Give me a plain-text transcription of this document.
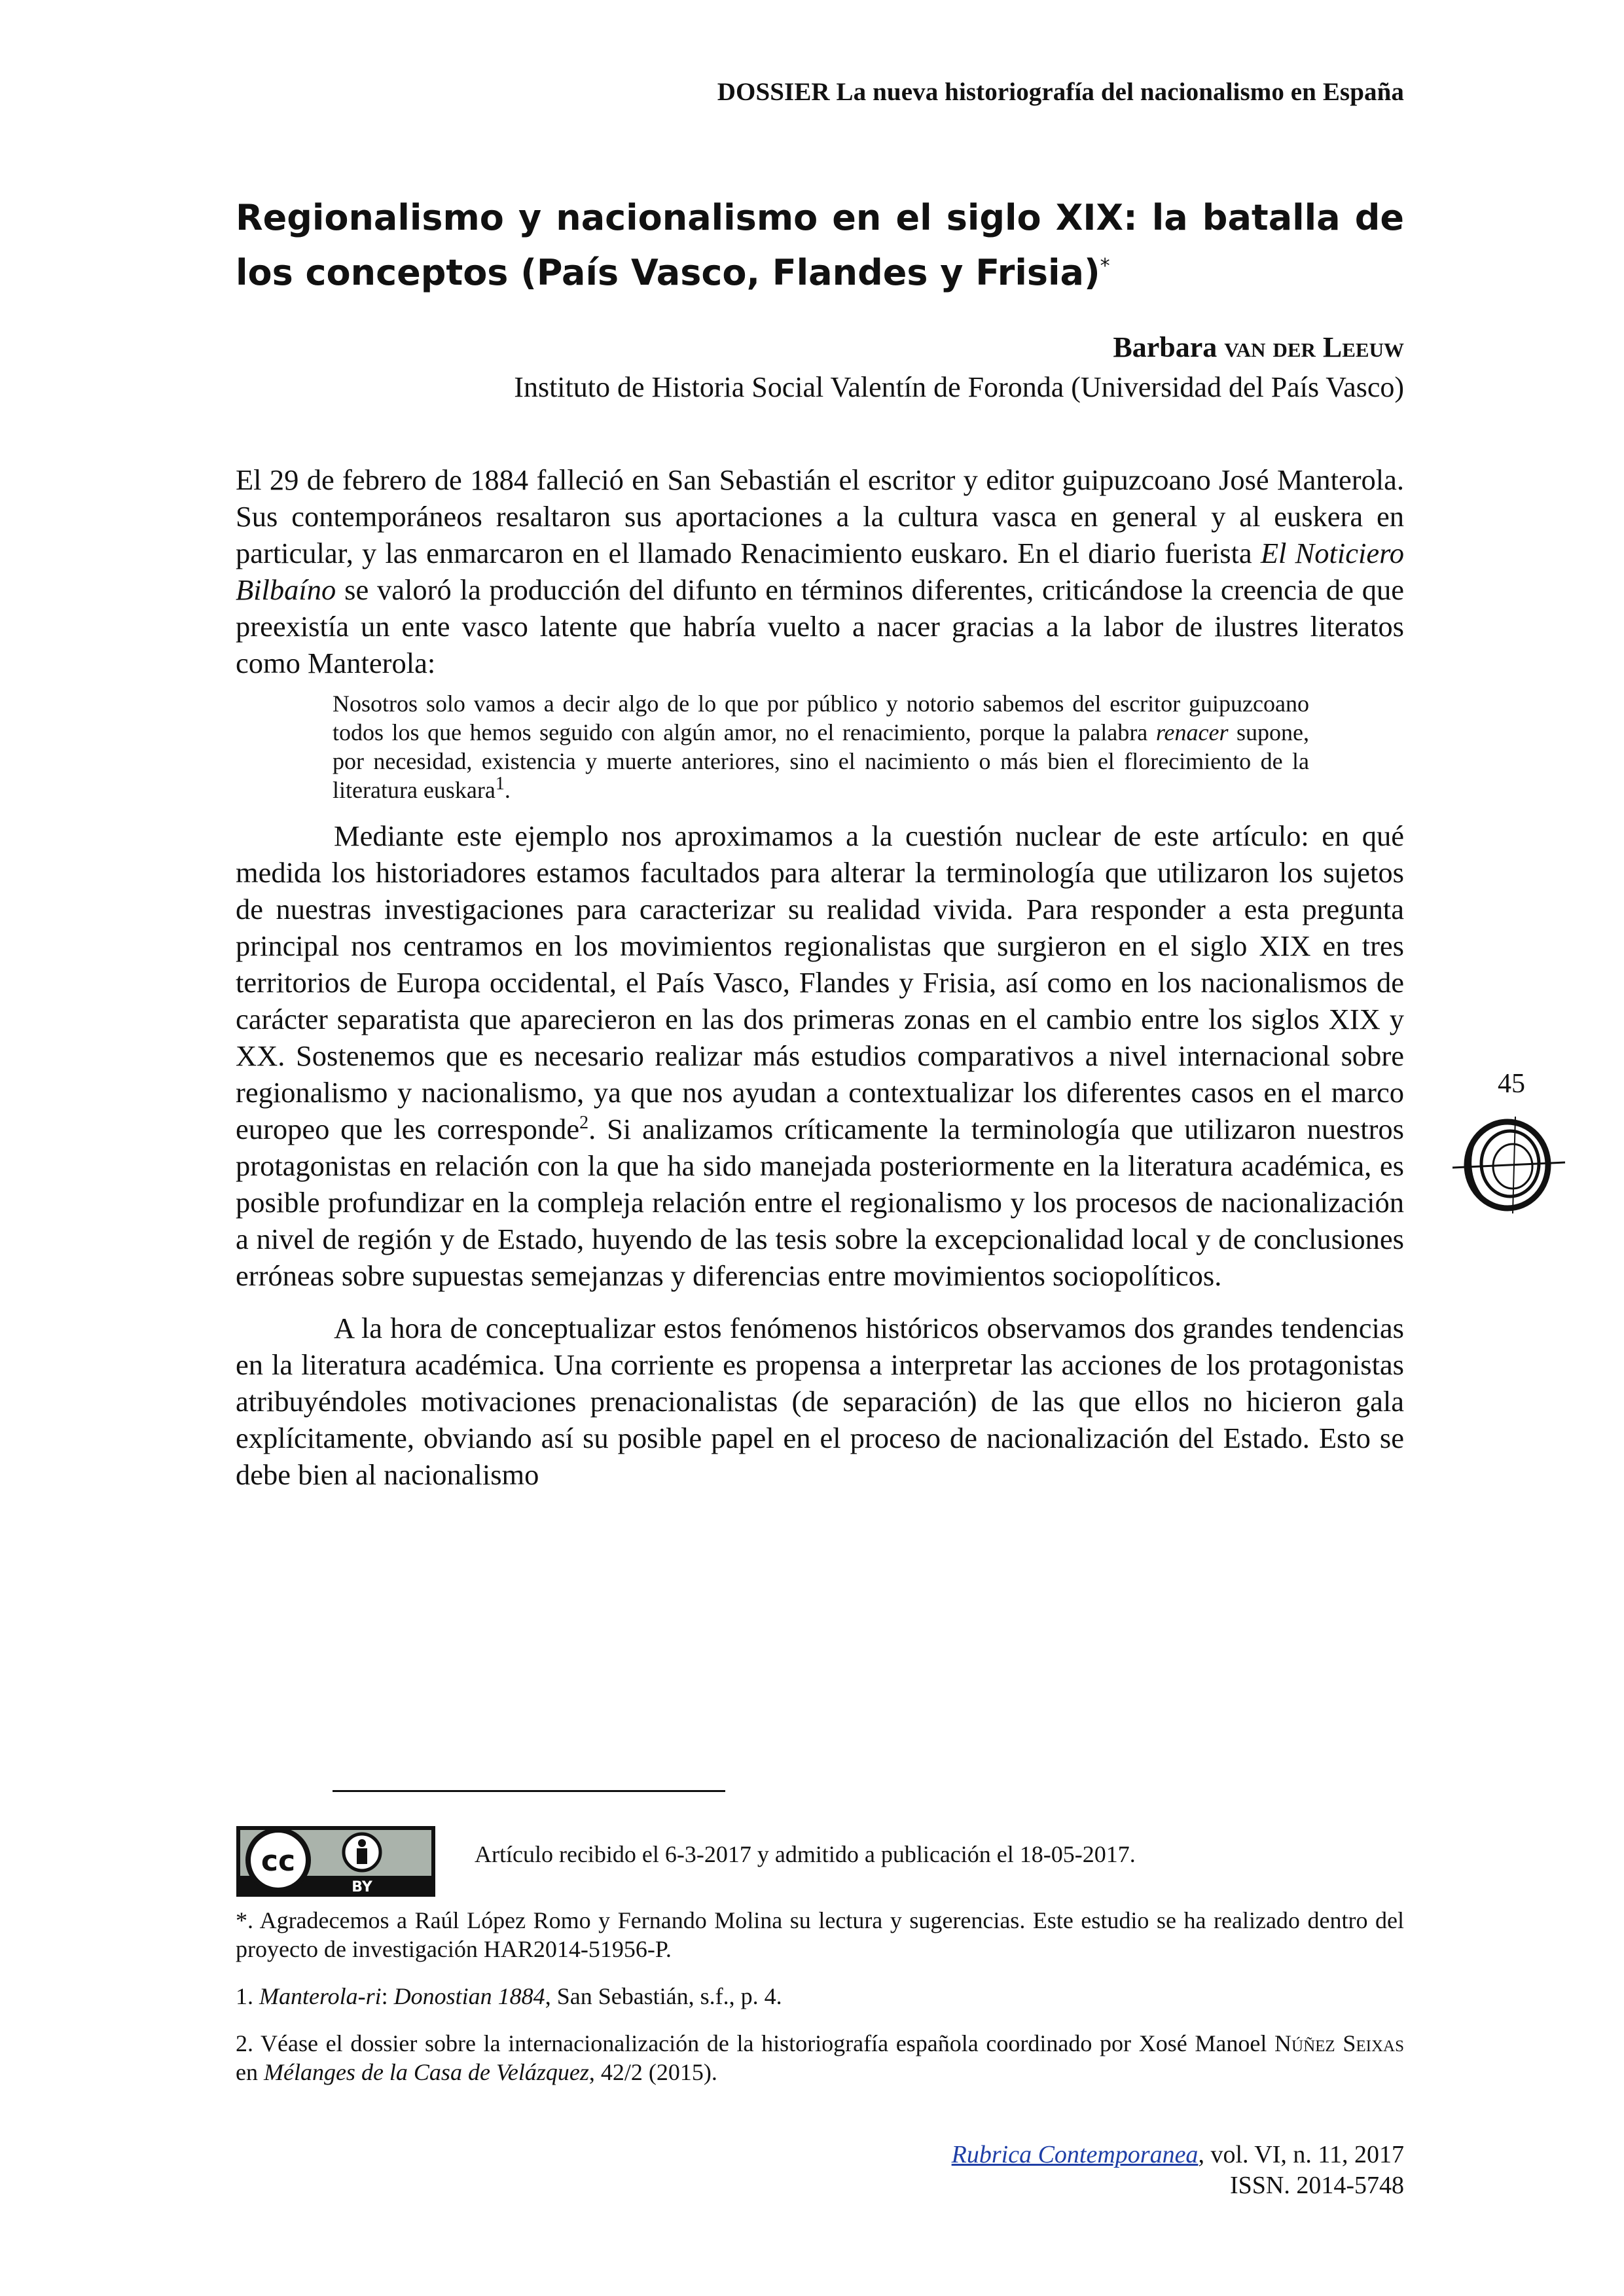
DOSSIER La nueva historiografía del nacionalismo en España
Regionalismo y nacionalismo en el siglo XIX: la batalla de los conceptos (País Vasco, Flandes y Frisia)*
Barbara van der Leeuw
Instituto de Historia Social Valentín de Foronda (Universidad del País Vasco)

El 29 de febrero de 1884 falleció en San Sebastián el escritor y editor guipuzcoano José Manterola. Sus contemporáneos resaltaron sus aportaciones a la cultura vasca en general y al euskera en particular, y las enmarcaron en el llamado Renacimiento euskaro. En el diario fuerista El Noticiero Bilbaíno se valoró la producción del difunto en términos diferentes, criticándose la creencia de que preexistía un ente vasco latente que habría vuelto a nacer gracias a la labor de ilustres literatos como Manterola:

Nosotros solo vamos a decir algo de lo que por público y notorio sabemos del escritor guipuzcoano todos los que hemos seguido con algún amor, no el renacimiento, porque la palabra renacer supone, por necesidad, existencia y muerte anteriores, sino el nacimiento o más bien el florecimiento de la literatura euskara$^1$.

Mediante este ejemplo nos aproximamos a la cuestión nuclear de este artículo: en qué medida los historiadores estamos facultados para alterar la terminología que utilizaron los sujetos de nuestras investigaciones para caracterizar su realidad vivida. Para responder a esta pregunta principal nos centramos en los movimientos regionalistas que surgieron en el siglo XIX en tres territorios de Europa occidental, el País Vasco, Flandes y Frisia, así como en los nacionalismos de carácter separatista que aparecieron en las dos primeras zonas en el cambio entre los siglos XIX y XX. Sostenemos que es necesario realizar más estudios comparativos a nivel internacional sobre regionalismo y nacionalismo, ya que nos ayudan a contextualizar los diferentes casos en el marco europeo que les corresponde$^2$. Si analizamos críticamente la terminología que utilizaron nuestros protagonistas en relación con la que ha sido manejada posteriormente en la literatura académica, es posible profundizar en la compleja relación entre el regionalismo y los procesos de nacionalización a nivel de región y de Estado, huyendo de las tesis sobre la excepcionalidad local y de conclusiones erróneas sobre supuestas semejanzas y diferencias entre movimientos sociopolíticos.

A la hora de conceptualizar estos fenómenos históricos observamos dos grandes tendencias en la literatura académica. Una corriente es propensa a interpretar las acciones de los protagonistas atribuyéndoles motivaciones prenacionalistas (de separación) de las que ellos no hicieron gala explícitamente, obviando así su posible papel en el proceso de nacionalización del Estado. Esto se debe bien al nacionalismo

45
cc
BY
Artículo recibido el 6-3-2017 y admitido a publicación el 18-05-2017.

*. Agradecemos a Raúl López Romo y Fernando Molina su lectura y sugerencias. Este estudio se ha realizado dentro del proyecto de investigación HAR2014-51956-P.

1. Manterola-ri: Donostian 1884, San Sebastián, s.f., p. 4.

2. Véase el dossier sobre la internacionalización de la historiografía española coordinado por Xosé Manoel Núñez Seixas en Mélanges de la Casa de Velázquez, 42/2 (2015).

Rubrica Contemporanea, vol. VI, n. 11, 2017
ISSN. 2014-5748
